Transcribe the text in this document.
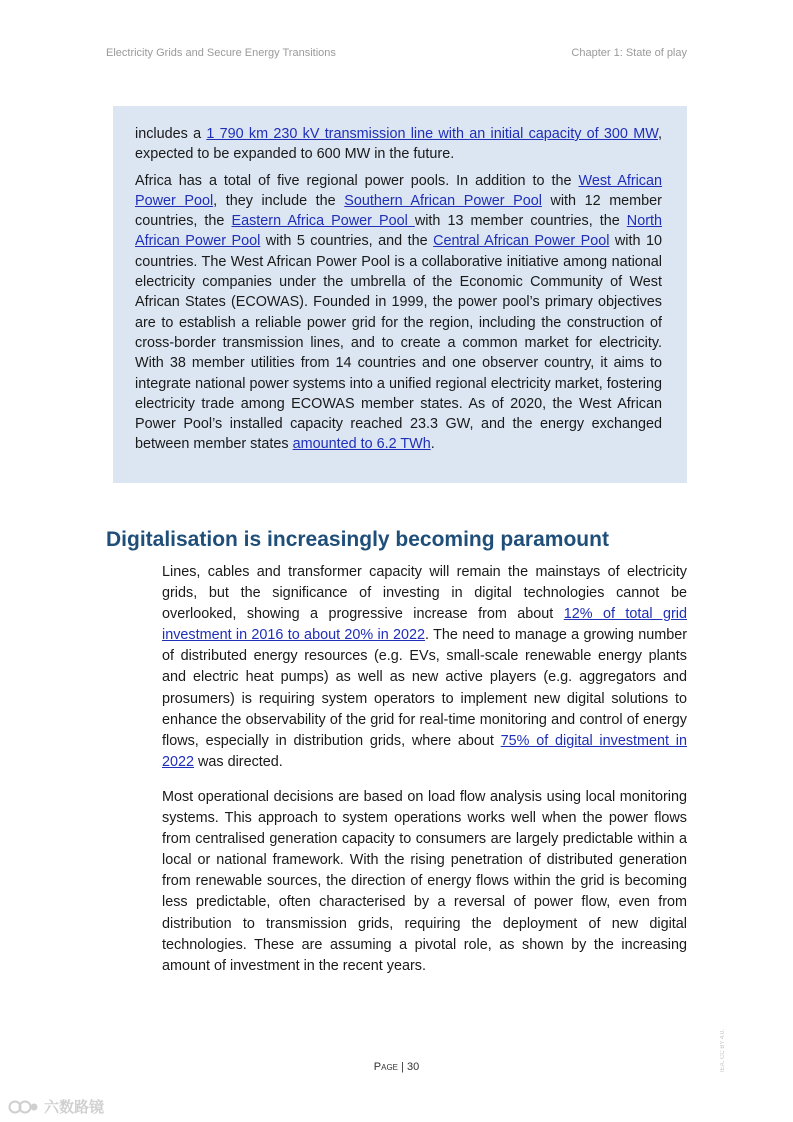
Electricity Grids and Secure Energy Transitions	Chapter 1: State of play

includes a 1 790 km 230 kV transmission line with an initial capacity of 300 MW, expected to be expanded to 600 MW in the future.

Africa has a total of five regional power pools. In addition to the West African Power Pool, they include the Southern African Power Pool with 12 member countries, the Eastern Africa Power Pool with 13 member countries, the North African Power Pool with 5 countries, and the Central African Power Pool with 10 countries. The West African Power Pool is a collaborative initiative among national electricity companies under the umbrella of the Economic Community of West African States (ECOWAS). Founded in 1999, the power pool’s primary objectives are to establish a reliable power grid for the region, including the construction of cross-border transmission lines, and to create a common market for electricity. With 38 member utilities from 14 countries and one observer country, it aims to integrate national power systems into a unified regional electricity market, fostering electricity trade among ECOWAS member states. As of 2020, the West African Power Pool’s installed capacity reached 23.3 GW, and the energy exchanged between member states amounted to 6.2 TWh.

Digitalisation is increasingly becoming paramount

Lines, cables and transformer capacity will remain the mainstays of electricity grids, but the significance of investing in digital technologies cannot be overlooked, showing a progressive increase from about 12% of total grid investment in 2016 to about 20% in 2022. The need to manage a growing number of distributed energy resources (e.g. EVs, small-scale renewable energy plants and electric heat pumps) as well as new active players (e.g. aggregators and prosumers) is requiring system operators to implement new digital solutions to enhance the observability of the grid for real-time monitoring and control of energy flows, especially in distribution grids, where about 75% of digital investment in 2022 was directed.

Most operational decisions are based on load flow analysis using local monitoring systems. This approach to system operations works well when the power flows from centralised generation capacity to consumers are largely predictable within a local or national framework. With the rising penetration of distributed generation from renewable sources, the direction of energy flows within the grid is becoming less predictable, often characterised by a reversal of power flow, even from distribution to transmission grids, requiring the deployment of new digital technologies. These are assuming a pivotal role, as shown by the increasing amount of investment in the recent years.

Page | 30	IEA. CC BY 4.0.
六数路镜
